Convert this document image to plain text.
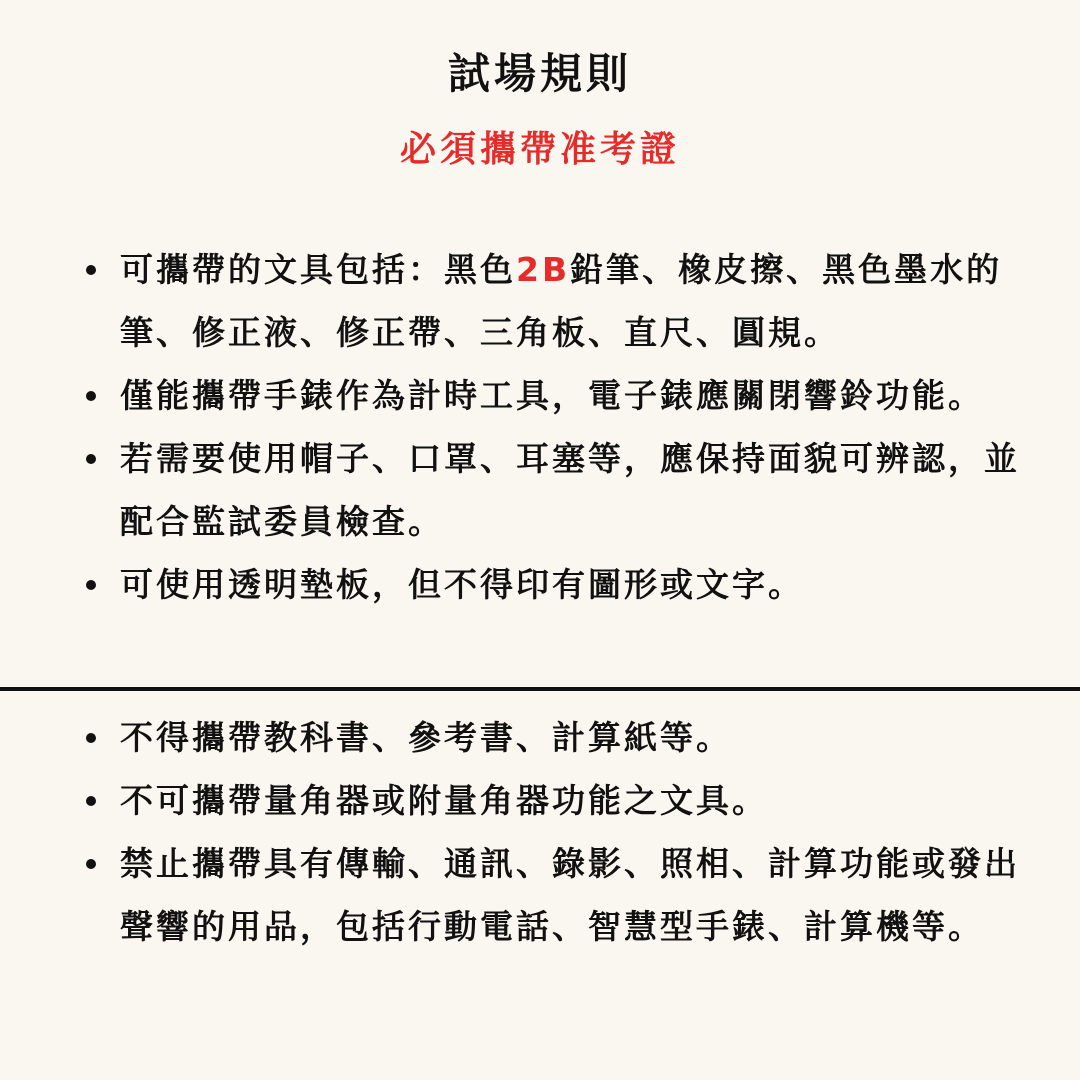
試場規則
必須攜帶准考證
可攜帶的文具包括：黑色2B鉛筆、橡皮擦、黑色墨水的筆、修正液、修正帶、三角板、直尺、圓規。
僅能攜帶手錶作為計時工具，電子錶應關閉響鈴功能。
若需要使用帽子、口罩、耳塞等，應保持面貌可辨認，並配合監試委員檢查。
可使用透明墊板，但不得印有圖形或文字。
不得攜帶教科書、參考書、計算紙等。
不可攜帶量角器或附量角器功能之文具。
禁止攜帶具有傳輸、通訊、錄影、照相、計算功能或發出聲響的用品，包括行動電話、智慧型手錶、計算機等。
